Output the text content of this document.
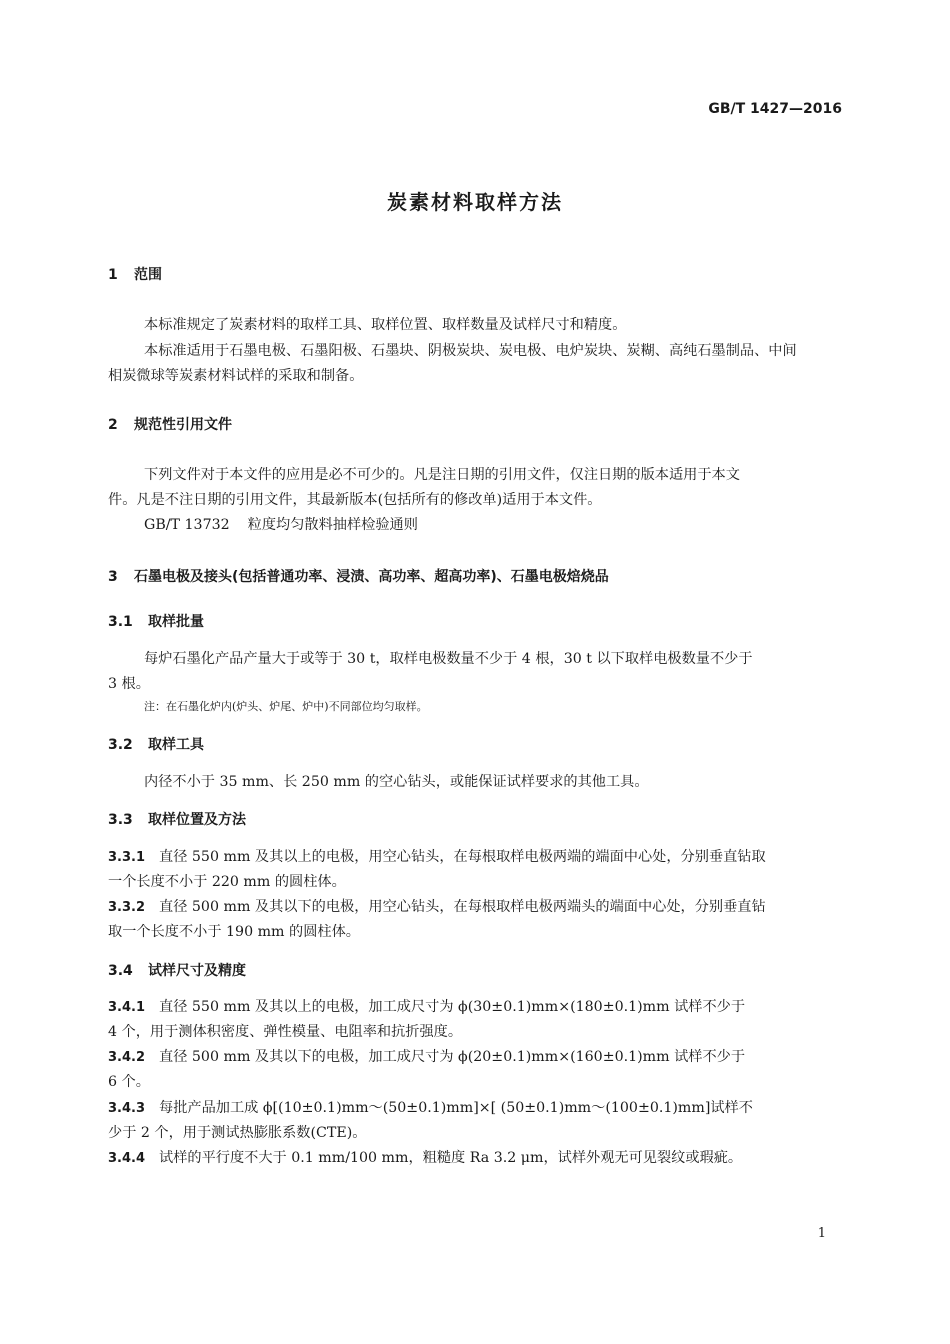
GB/T 1427—2016
炭素材料取样方法
1 范围
本标准规定了炭素材料的取样工具、取样位置、取样数量及试样尺寸和精度。
本标准适用于石墨电极、石墨阳极、石墨块、阴极炭块、炭电极、电炉炭块、炭糊、高纯石墨制品、中间
相炭微球等炭素材料试样的采取和制备。
2 规范性引用文件
下列文件对于本文件的应用是必不可少的。凡是注日期的引用文件，仅注日期的版本适用于本文
件。凡是不注日期的引用文件，其最新版本(包括所有的修改单)适用于本文件。
GB/T 13732 粒度均匀散料抽样检验通则
3 石墨电极及接头(包括普通功率、浸渍、高功率、超高功率)、石墨电极焙烧品
3.1 取样批量
每炉石墨化产品产量大于或等于 30 t，取样电极数量不少于 4 根，30 t 以下取样电极数量不少于
3 根。
注：在石墨化炉内(炉头、炉尾、炉中)不同部位均匀取样。
3.2 取样工具
内径不小于 35 mm、长 250 mm 的空心钻头，或能保证试样要求的其他工具。
3.3 取样位置及方法
3.3.1 直径 550 mm 及其以上的电极，用空心钻头，在每根取样电极两端的端面中心处，分别垂直钻取
一个长度不小于 220 mm 的圆柱体。
3.3.2 直径 500 mm 及其以下的电极，用空心钻头，在每根取样电极两端头的端面中心处，分别垂直钻
取一个长度不小于 190 mm 的圆柱体。
3.4 试样尺寸及精度
3.4.1 直径 550 mm 及其以上的电极，加工成尺寸为 ϕ(30±0.1)mm×(180±0.1)mm 试样不少于
4 个，用于测体积密度、弹性模量、电阻率和抗折强度。
3.4.2 直径 500 mm 及其以下的电极，加工成尺寸为 ϕ(20±0.1)mm×(160±0.1)mm 试样不少于
6 个。
3.4.3 每批产品加工成 ϕ[(10±0.1)mm～(50±0.1)mm]×[ (50±0.1)mm～(100±0.1)mm]试样不
少于 2 个，用于测试热膨胀系数(CTE)。
3.4.4 试样的平行度不大于 0.1 mm/100 mm，粗糙度 Ra 3.2 μm，试样外观无可见裂纹或瑕疵。
1
